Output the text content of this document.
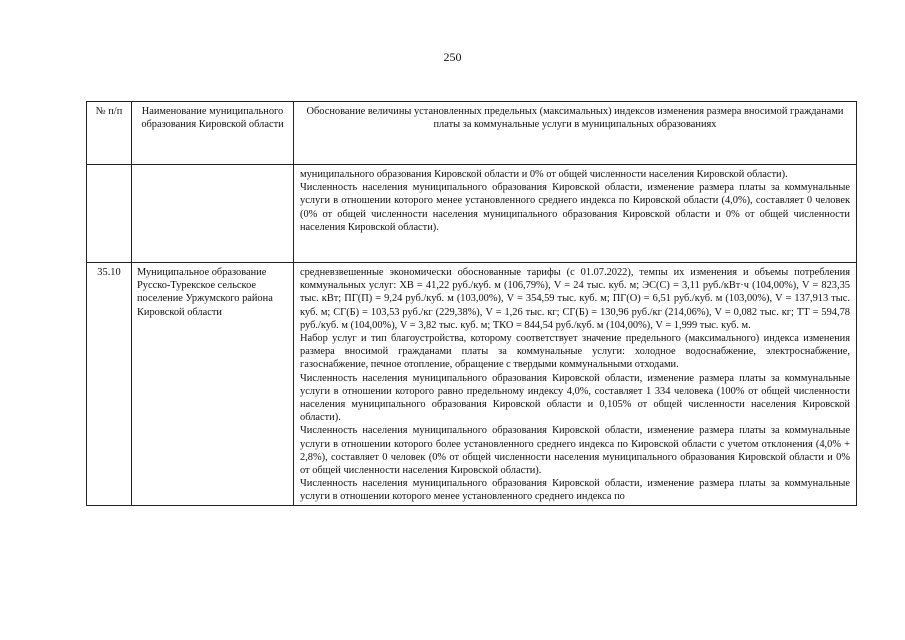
250
№ п/п	Наименование муниципального образования Кировской области	Обоснование величины установленных предельных (максимальных) индексов изменения размера вносимой гражданами платы за коммунальные услуги в муниципальных образованиях

		муниципального образования Кировской области и 0% от общей численности населения Кировской области).
Численность населения муниципального образования Кировской области, изменение размера платы за коммунальные услуги в отношении которого менее установленного среднего индекса по Кировской области (4,0%), составляет 0 человек (0% от общей численности населения муниципального образования Кировской области и 0% от общей численности населения Кировской области).

35.10	Муниципальное образование Русско-Турекское сельское поселение Уржумского района Кировской области	средневзвешенные экономически обоснованные тарифы (с 01.07.2022), темпы их изменения и объемы потребления коммунальных услуг: ХВ = 41,22 руб./куб. м (106,79%), V = 24 тыс. куб. м; ЭС(С) = 3,11 руб./кВт·ч (104,00%), V = 823,35 тыс. кВт; ПГ(П) = 9,24 руб./куб. м (103,00%), V = 354,59 тыс. куб. м; ПГ(О) = 6,51 руб./куб. м (103,00%), V = 137,913 тыс. куб. м; СГ(Б) = 103,53 руб./кг (229,38%), V = 1,26 тыс. кг; СГ(Б) = 130,96 руб./кг (214,06%), V = 0,082 тыс. кг; ТТ = 594,78 руб./куб. м (104,00%), V = 3,82 тыс. куб. м; ТКО = 844,54 руб./куб. м (104,00%), V = 1,999 тыс. куб. м.
Набор услуг и тип благоустройства, которому соответствует значение предельного (максимального) индекса изменения размера вносимой гражданами платы за коммунальные услуги: холодное водоснабжение, электроснабжение, газоснабжение, печное отопление, обращение с твердыми коммунальными отходами.
Численность населения муниципального образования Кировской области, изменение размера платы за коммунальные услуги в отношении которого равно предельному индексу 4,0%, составляет 1 334 человека (100% от общей численности населения муниципального образования Кировской области и 0,105% от общей численности населения Кировской области).
Численность населения муниципального образования Кировской области, изменение размера платы за коммунальные услуги в отношении которого более установленного среднего индекса по Кировской области с учетом отклонения (4,0% + 2,8%), составляет 0 человек (0% от общей численности населения муниципального образования Кировской области и 0% от общей численности населения Кировской области).
Численность населения муниципального образования Кировской области, изменение размера платы за коммунальные услуги в отношении которого менее установленного среднего индекса по
